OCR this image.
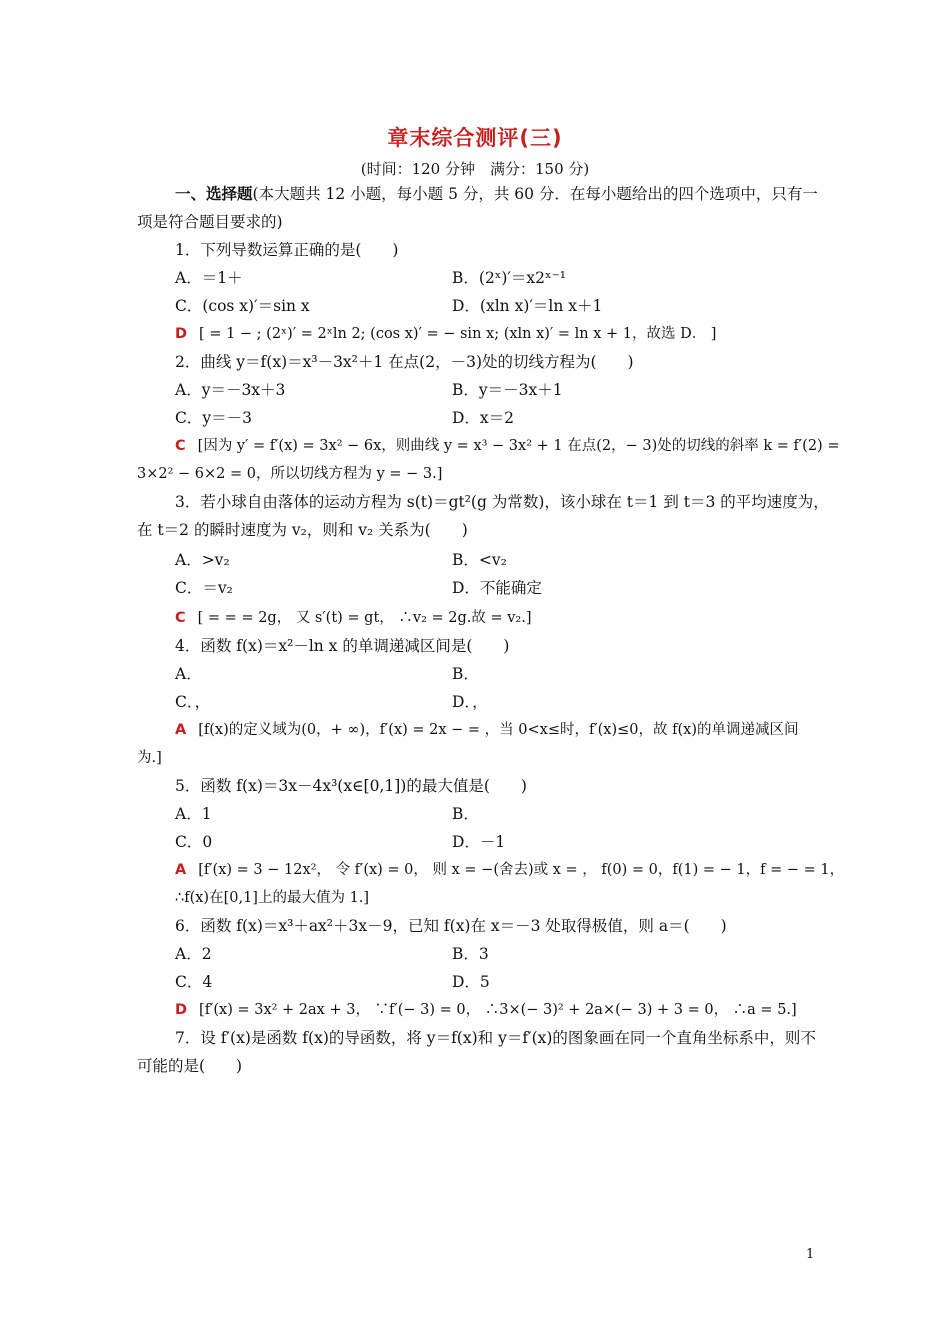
章末综合测评(三)
(时间：120 分钟　满分：150 分)
一、选择题(本大题共 12 小题，每小题 5 分，共 60 分．在每小题给出的四个选项中，只有一
项是符合题目要求的)
1．下列导数运算正确的是(　　)
A．＝1＋	B．(2ˣ)′＝x2ˣ⁻¹
C．(cos x)′＝sin x	D．(xln x)′＝ln x＋1
D [ = 1 − ; (2ˣ)′ = 2ˣln 2; (cos x)′ = − sin x; (xln x)′ = ln x + 1，故选 D． ]
2．曲线 y＝f(x)＝x³－3x²＋1 在点(2，－3)处的切线方程为(　　)
A．y＝－3x＋3	B．y＝－3x＋1
C．y＝－3	D．x＝2
C [因为 y′ = f′(x) = 3x² − 6x，则曲线 y = x³ − 3x² + 1 在点(2，− 3)处的切线的斜率 k = f′(2) =
3×2² − 6×2 = 0，所以切线方程为 y = − 3.]
3．若小球自由落体的运动方程为 s(t)＝gt²(g 为常数)，该小球在 t＝1 到 t＝3 的平均速度为，
在 t＝2 的瞬时速度为 v₂，则和 v₂ 关系为(　　)
A．>v₂	B．<v₂
C．＝v₂	D．不能确定
C [ = = = 2g， 又 s′(t) = gt， ∴v₂ = 2g.故 = v₂.]
4．函数 f(x)＝x²－ln x 的单调递减区间是(　　)
A．	B．
C．，	D．，
A [f(x)的定义域为(0，+ ∞)，f′(x) = 2x − = ，当 0<x≤时，f′(x)≤0，故 f(x)的单调递减区间
为.]
5．函数 f(x)＝3x－4x³(x∈[0,1])的最大值是(　　)
A．1	B．
C．0	D．－1
A [f′(x) = 3 − 12x²， 令 f′(x) = 0， 则 x = −(舍去)或 x = ， f(0) = 0，f(1) = − 1，f = − = 1，
∴f(x)在[0,1]上的最大值为 1.]
6．函数 f(x)＝x³＋ax²＋3x－9，已知 f(x)在 x＝－3 处取得极值，则 a＝(　　)
A．2	B．3
C．4	D．5
D [f′(x) = 3x² + 2ax + 3， ∵f′(− 3) = 0， ∴3×(− 3)² + 2a×(− 3) + 3 = 0， ∴a = 5.]
7．设 f′(x)是函数 f(x)的导函数，将 y＝f(x)和 y＝f′(x)的图象画在同一个直角坐标系中，则不
可能的是(　　)
1
